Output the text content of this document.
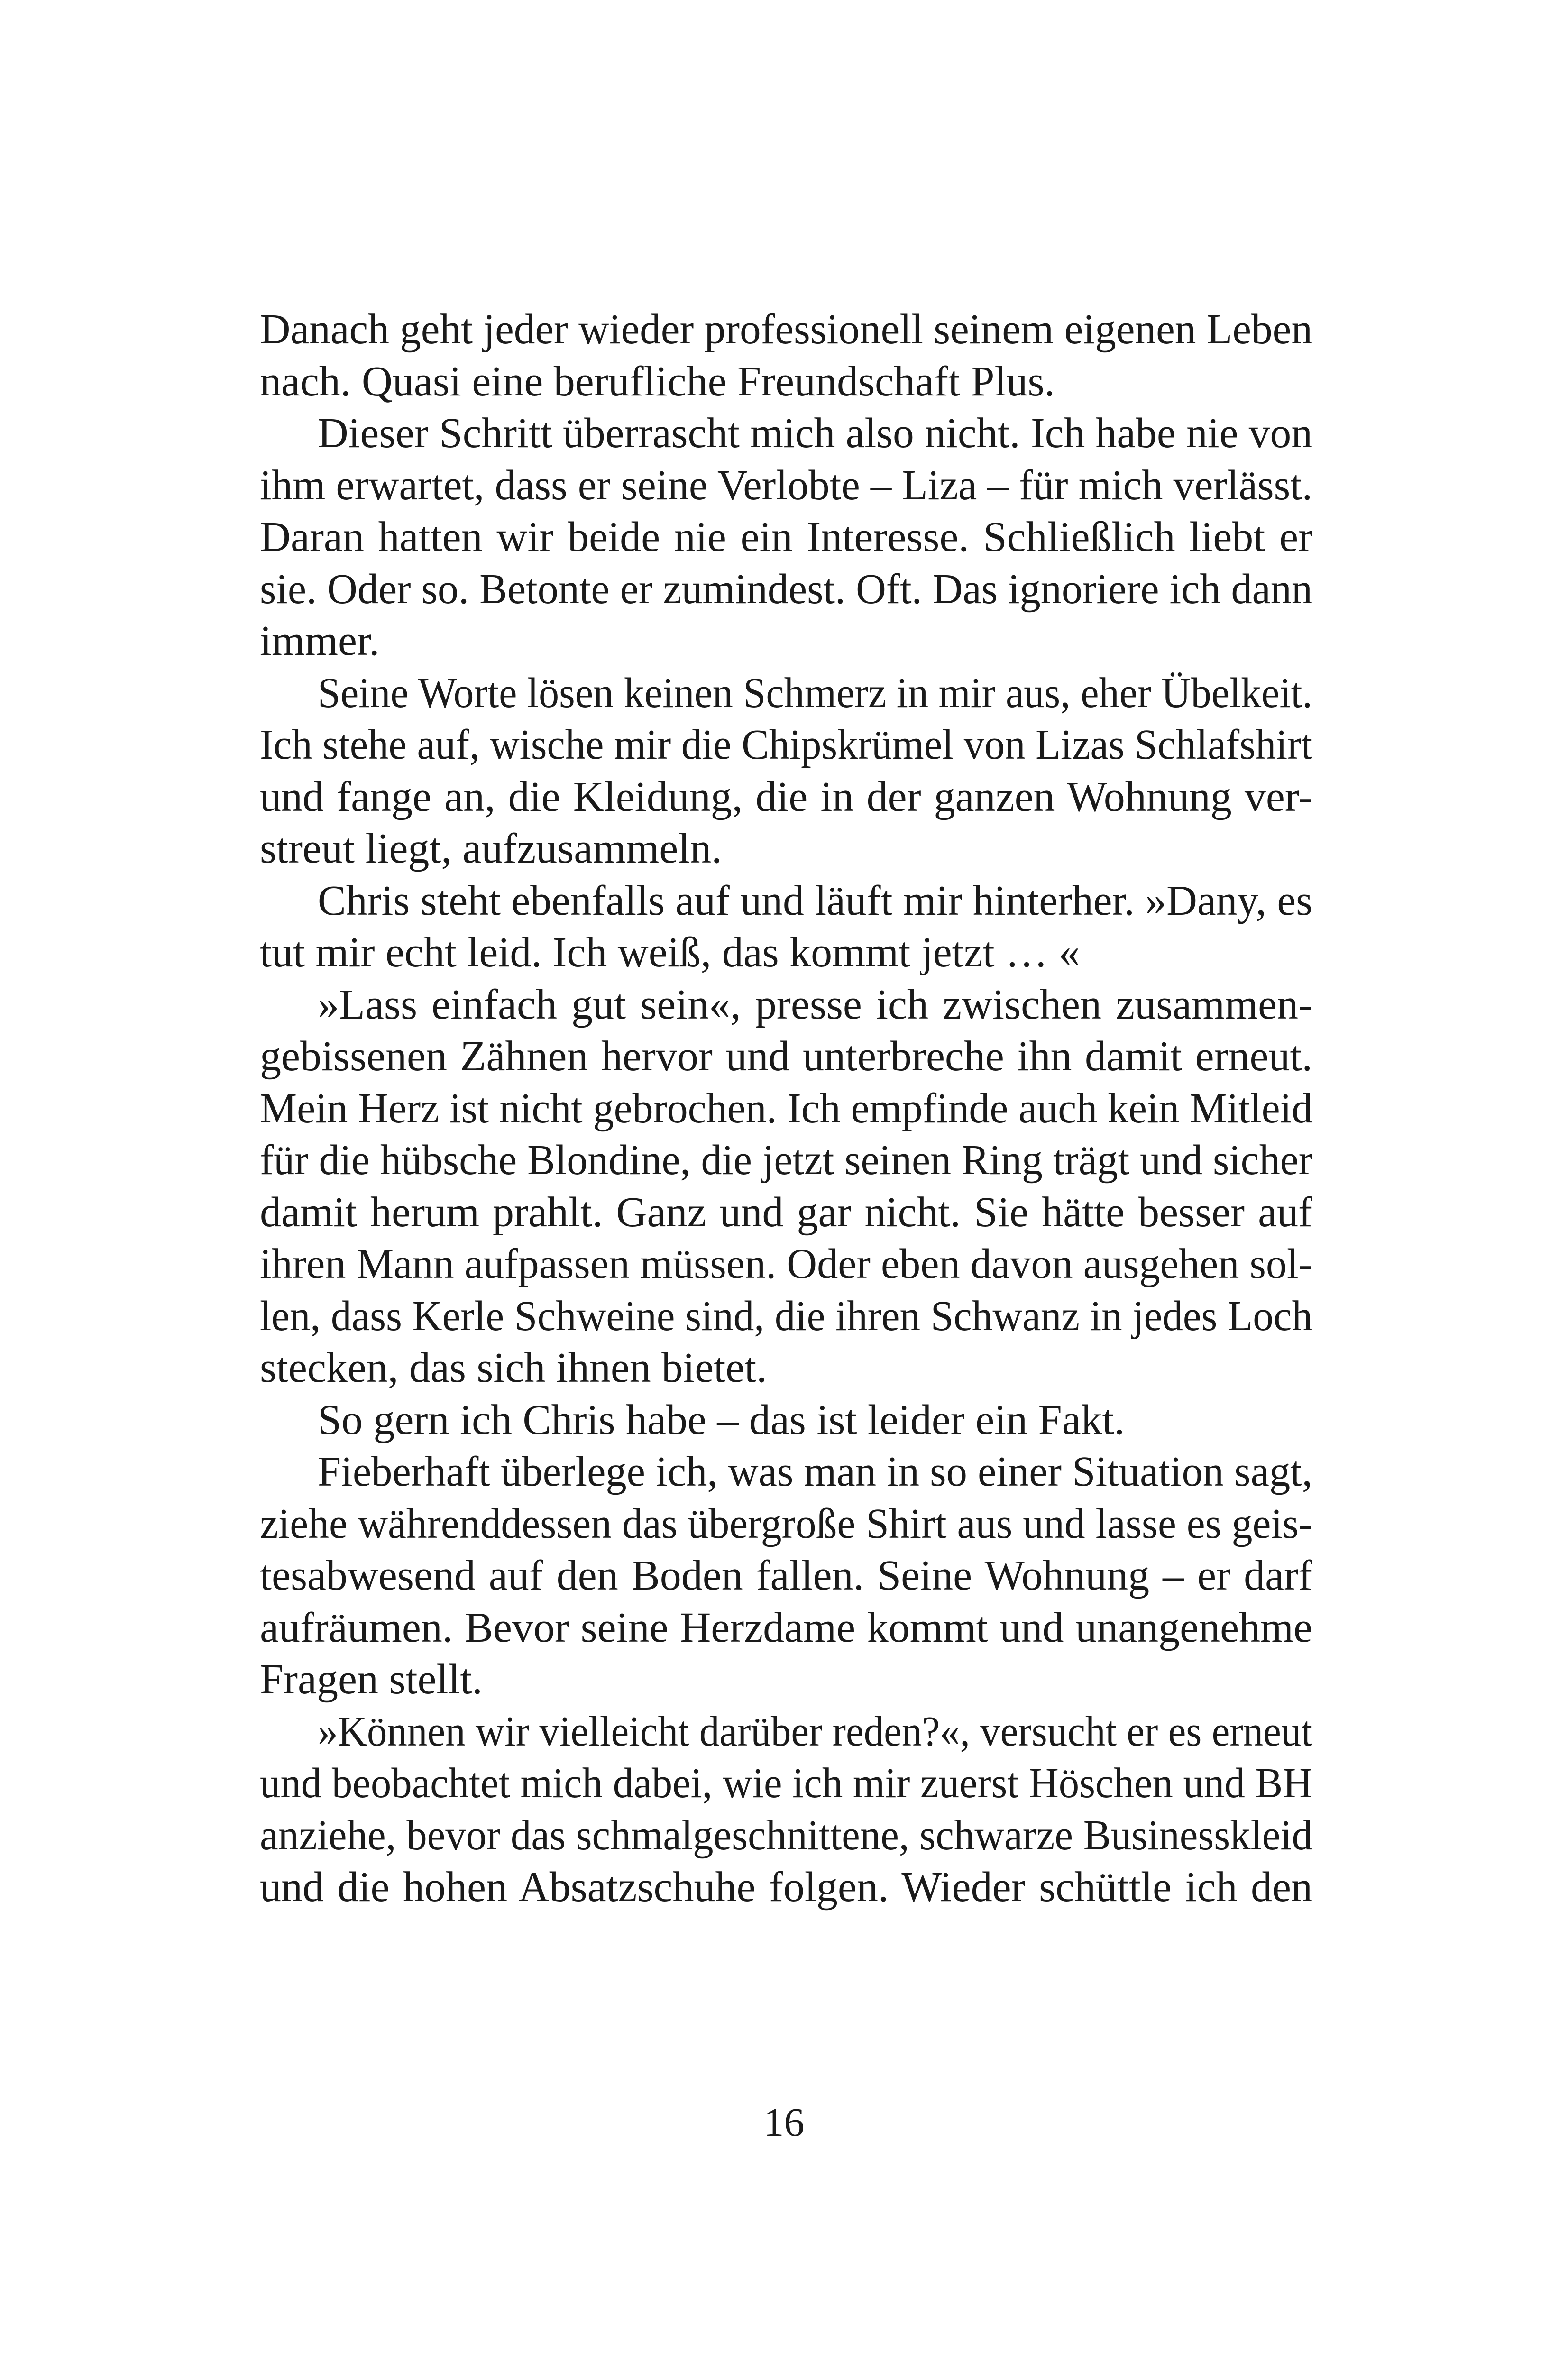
Danach geht jeder wieder professionell seinem eigenen Leben
nach. Quasi eine berufliche Freundschaft Plus.
Dieser Schritt überrascht mich also nicht. Ich habe nie von
ihm erwartet, dass er seine Verlobte – Liza – für mich verlässt.
Daran hatten wir beide nie ein Interesse. Schließlich liebt er
sie. Oder so. Betonte er zumindest. Oft. Das ignoriere ich dann
immer.
Seine Worte lösen keinen Schmerz in mir aus, eher Übelkeit.
Ich stehe auf, wische mir die Chipskrümel von Lizas Schlafshirt
und fange an, die Kleidung, die in der ganzen Wohnung ver-
streut liegt, aufzusammeln.
Chris steht ebenfalls auf und läuft mir hinterher. »Dany, es
tut mir echt leid. Ich weiß, das kommt jetzt … «
»Lass einfach gut sein«, presse ich zwischen zusammen-
gebissenen Zähnen hervor und unterbreche ihn damit erneut.
Mein Herz ist nicht gebrochen. Ich empfinde auch kein Mitleid
für die hübsche Blondine, die jetzt seinen Ring trägt und sicher
damit herum prahlt. Ganz und gar nicht. Sie hätte besser auf
ihren Mann aufpassen müssen. Oder eben davon ausgehen sol-
len, dass Kerle Schweine sind, die ihren Schwanz in jedes Loch
stecken, das sich ihnen bietet.
So gern ich Chris habe – das ist leider ein Fakt.
Fieberhaft überlege ich, was man in so einer Situation sagt,
ziehe währenddessen das übergroße Shirt aus und lasse es geis-
tesabwesend auf den Boden fallen. Seine Wohnung – er darf
aufräumen. Bevor seine Herzdame kommt und unangenehme
Fragen stellt.
»Können wir vielleicht darüber reden?«, versucht er es erneut
und beobachtet mich dabei, wie ich mir zuerst Höschen und BH
anziehe, bevor das schmalgeschnittene, schwarze Businesskleid
und die hohen Absatzschuhe folgen. Wieder schüttle ich den
16
